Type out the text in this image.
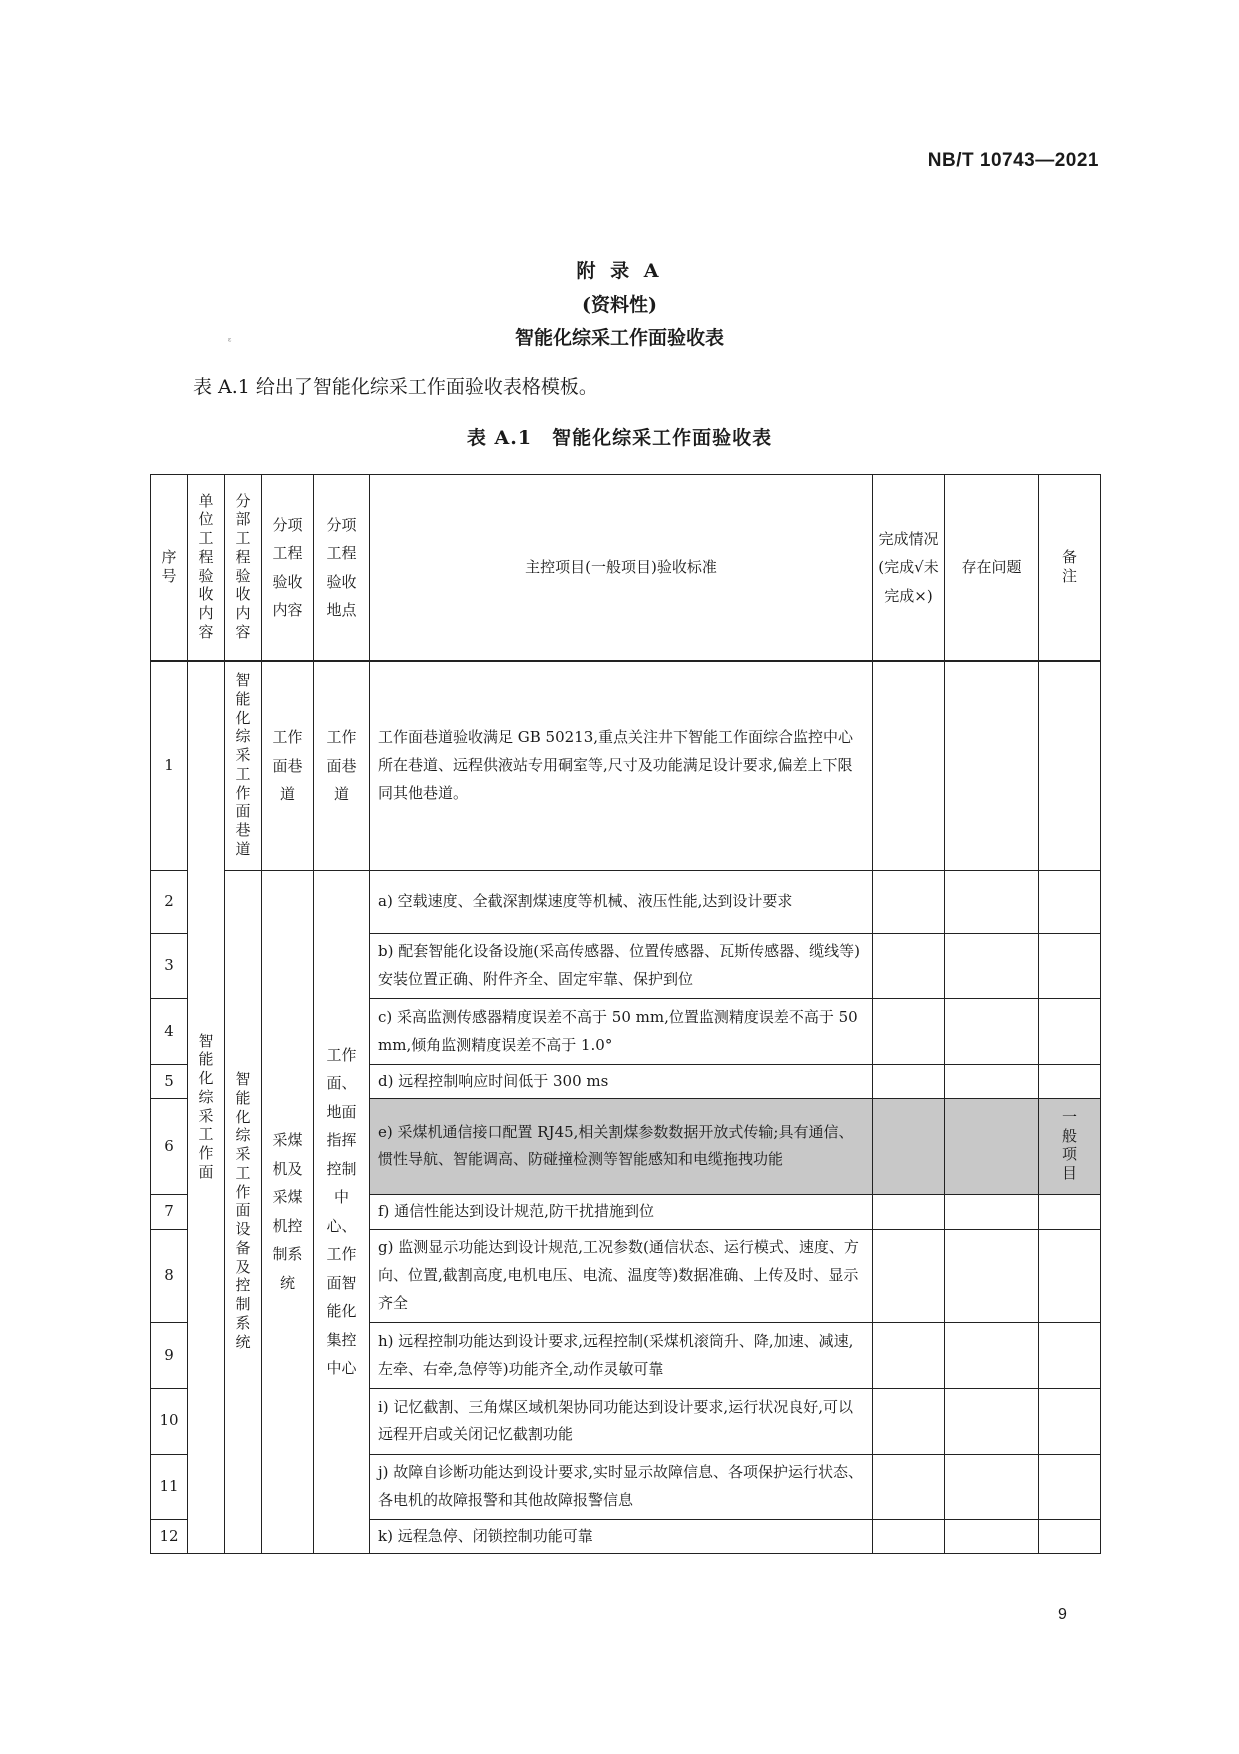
NB/T 10743—2021
附 录 A
(资料性)
智能化综采工作面验收表
ᵋ
表 A.1 给出了智能化综采工作面验收表格模板。
表 A.1　智能化综采工作面验收表
序号	单位工程验收内容	分部工程验收内容	分项工程验收内容	分项工程验收地点	主控项目(一般项目)验收标准	完成情况(完成√未完成×)	存在问题	备注
1	智能化综采工作面	智能化综采工作面巷道	工作面巷道	工作面巷道	工作面巷道验收满足 GB 50213,重点关注井下智能工作面综合监控中心所在巷道、远程供液站专用硐室等,尺寸及功能满足设计要求,偏差上下限同其他巷道。			
2		智能化综采工作面设备及控制系统	采煤机及采煤机控制系统	工作面、地面指挥控制中心、工作面智能化集控中心	a) 空载速度、全截深割煤速度等机械、液压性能,达到设计要求			
3					b) 配套智能化设备设施(采高传感器、位置传感器、瓦斯传感器、缆线等)安装位置正确、附件齐全、固定牢靠、保护到位			
4					c) 采高监测传感器精度误差不高于 50 mm,位置监测精度误差不高于 50 mm,倾角监测精度误差不高于 1.0°			
5					d) 远程控制响应时间低于 300 ms			
6					e) 采煤机通信接口配置 RJ45,相关割煤参数数据开放式传输;具有通信、惯性导航、智能调高、防碰撞检测等智能感知和电缆拖拽功能			一般项目
7					f) 通信性能达到设计规范,防干扰措施到位			
8					g) 监测显示功能达到设计规范,工况参数(通信状态、运行模式、速度、方向、位置,截割高度,电机电压、电流、温度等)数据准确、上传及时、显示齐全			
9					h) 远程控制功能达到设计要求,远程控制(采煤机滚筒升、降,加速、减速,左牵、右牵,急停等)功能齐全,动作灵敏可靠			
10					i) 记忆截割、三角煤区域机架协同功能达到设计要求,运行状况良好,可以远程开启或关闭记忆截割功能			
11					j) 故障自诊断功能达到设计要求,实时显示故障信息、各项保护运行状态、各电机的故障报警和其他故障报警信息			
12					k) 远程急停、闭锁控制功能可靠			
9
